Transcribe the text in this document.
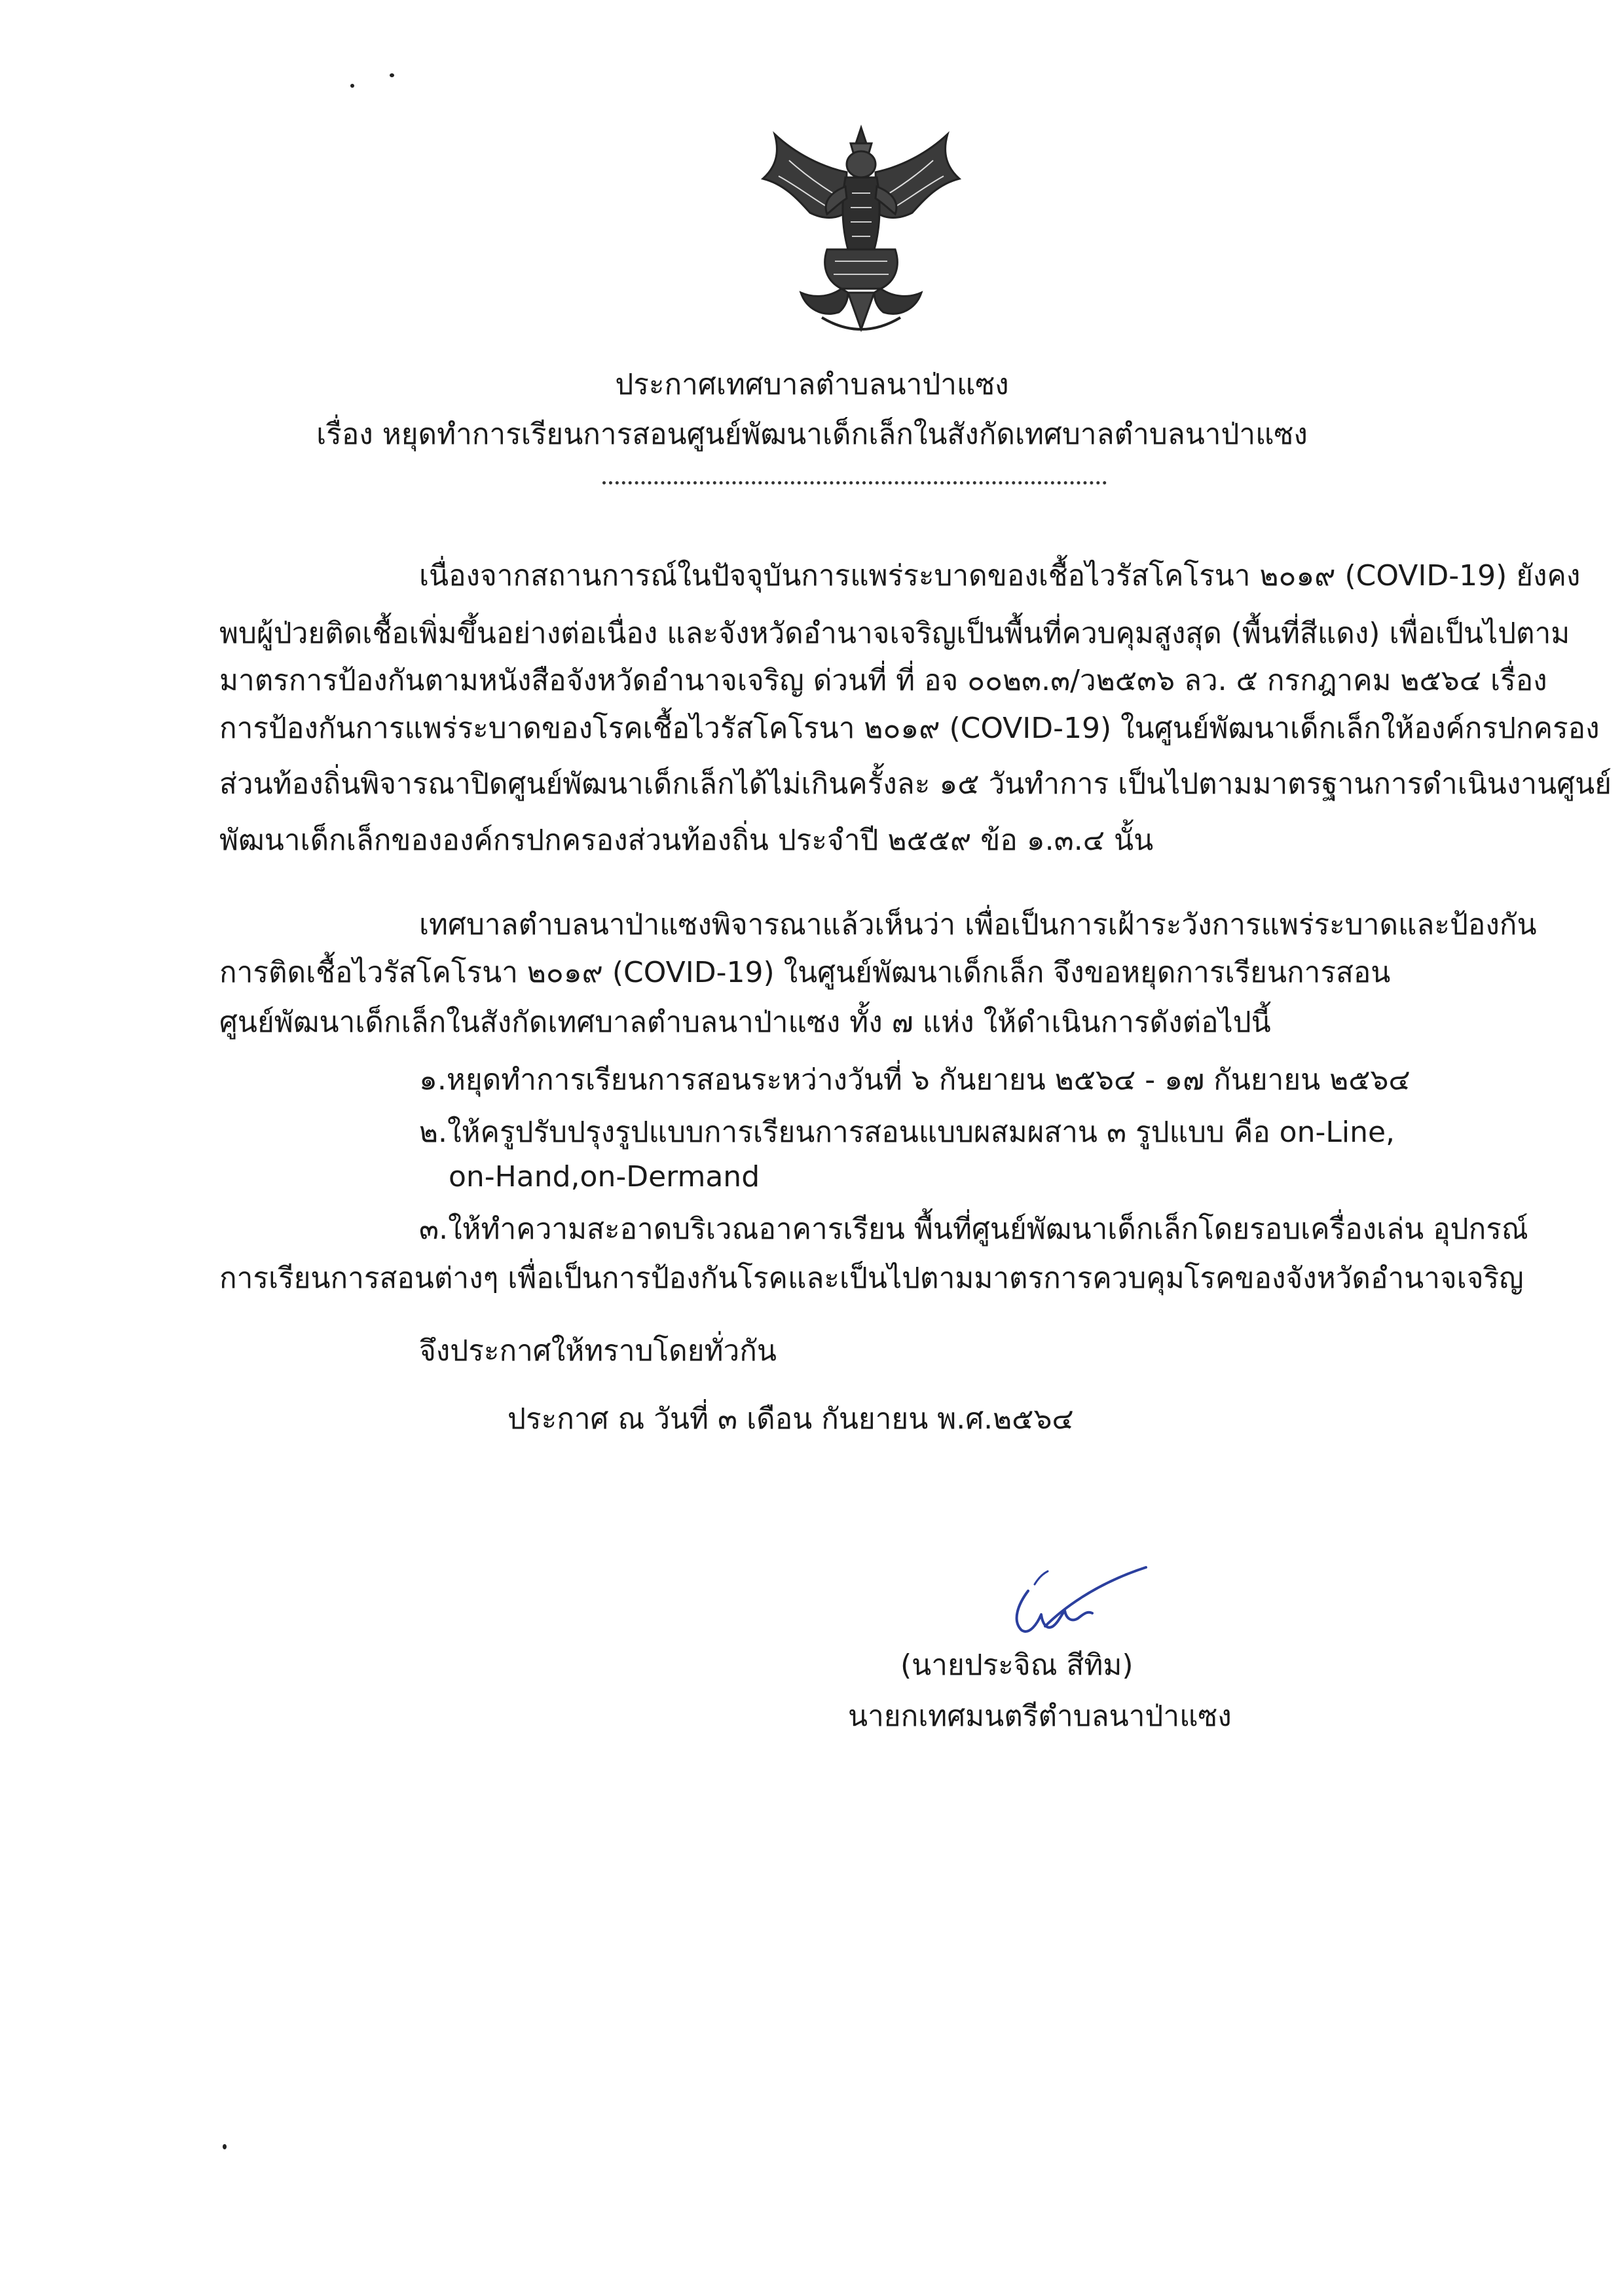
ประกาศเทศบาลตำบลนาป่าแซง
เรื่อง หยุดทำการเรียนการสอนศูนย์พัฒนาเด็กเล็กในสังกัดเทศบาลตำบลนาป่าแซง
เนื่องจากสถานการณ์ในปัจจุบันการแพร่ระบาดของเชื้อไวรัสโคโรนา ๒๐๑๙ (COVID-19) ยังคง
พบผู้ป่วยติดเชื้อเพิ่มขึ้นอย่างต่อเนื่อง และจังหวัดอำนาจเจริญเป็นพื้นที่ควบคุมสูงสุด (พื้นที่สีแดง) เพื่อเป็นไปตาม
มาตรการป้องกันตามหนังสือจังหวัดอำนาจเจริญ ด่วนที่ ที่ อจ ๐๐๒๓.๓/ว๒๕๓๖ ลว. ๕ กรกฎาคม ๒๕๖๔ เรื่อง
การป้องกันการแพร่ระบาดของโรคเชื้อไวรัสโคโรนา ๒๐๑๙ (COVID-19) ในศูนย์พัฒนาเด็กเล็กให้องค์กรปกครอง
ส่วนท้องถิ่นพิจารณาปิดศูนย์พัฒนาเด็กเล็กได้ไม่เกินครั้งละ ๑๕ วันทำการ เป็นไปตามมาตรฐานการดำเนินงานศูนย์
พัฒนาเด็กเล็กขององค์กรปกครองส่วนท้องถิ่น ประจำปี ๒๕๕๙ ข้อ ๑.๓.๔ นั้น
เทศบาลตำบลนาป่าแซงพิจารณาแล้วเห็นว่า เพื่อเป็นการเฝ้าระวังการแพร่ระบาดและป้องกัน
การติดเชื้อไวรัสโคโรนา ๒๐๑๙ (COVID-19) ในศูนย์พัฒนาเด็กเล็ก จึงขอหยุดการเรียนการสอน
ศูนย์พัฒนาเด็กเล็กในสังกัดเทศบาลตำบลนาป่าแซง ทั้ง ๗ แห่ง ให้ดำเนินการดังต่อไปนี้
๑.หยุดทำการเรียนการสอนระหว่างวันที่ ๖ กันยายน ๒๕๖๔ - ๑๗ กันยายน ๒๕๖๔
๒.ให้ครูปรับปรุงรูปแบบการเรียนการสอนแบบผสมผสาน ๓ รูปแบบ คือ on-Line,
on-Hand,on-Dermand
๓.ให้ทำความสะอาดบริเวณอาคารเรียน พื้นที่ศูนย์พัฒนาเด็กเล็กโดยรอบเครื่องเล่น อุปกรณ์
การเรียนการสอนต่างๆ เพื่อเป็นการป้องกันโรคและเป็นไปตามมาตรการควบคุมโรคของจังหวัดอำนาจเจริญ
จึงประกาศให้ทราบโดยทั่วกัน
ประกาศ ณ วันที่ ๓ เดือน กันยายน พ.ศ.๒๕๖๔
(นายประจิณ สีทิม)
นายกเทศมนตรีตำบลนาป่าแซง
